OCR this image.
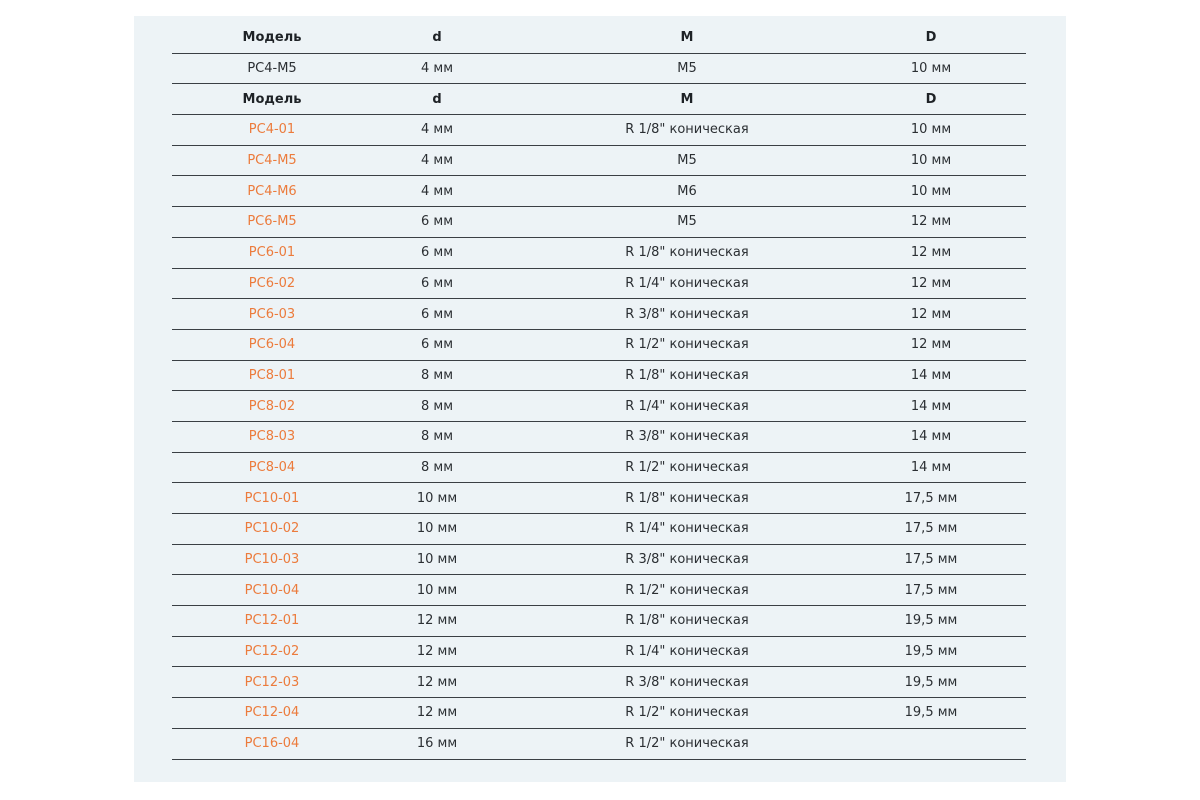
Модель	d	M	D
PC4-M5	4 мм	M5	10 мм
Модель	d	M	D
PC4-01	4 мм	R 1/8" коническая	10 мм
PC4-M5	4 мм	M5	10 мм
PC4-M6	4 мм	M6	10 мм
PC6-M5	6 мм	M5	12 мм
PC6-01	6 мм	R 1/8" коническая	12 мм
PC6-02	6 мм	R 1/4" коническая	12 мм
PC6-03	6 мм	R 3/8" коническая	12 мм
PC6-04	6 мм	R 1/2" коническая	12 мм
PC8-01	8 мм	R 1/8" коническая	14 мм
PC8-02	8 мм	R 1/4" коническая	14 мм
PC8-03	8 мм	R 3/8" коническая	14 мм
PC8-04	8 мм	R 1/2" коническая	14 мм
PC10-01	10 мм	R 1/8" коническая	17,5 мм
PC10-02	10 мм	R 1/4" коническая	17,5 мм
PC10-03	10 мм	R 3/8" коническая	17,5 мм
PC10-04	10 мм	R 1/2" коническая	17,5 мм
PC12-01	12 мм	R 1/8" коническая	19,5 мм
PC12-02	12 мм	R 1/4" коническая	19,5 мм
PC12-03	12 мм	R 3/8" коническая	19,5 мм
PC12-04	12 мм	R 1/2" коническая	19,5 мм
PC16-04	16 мм	R 1/2" коническая
